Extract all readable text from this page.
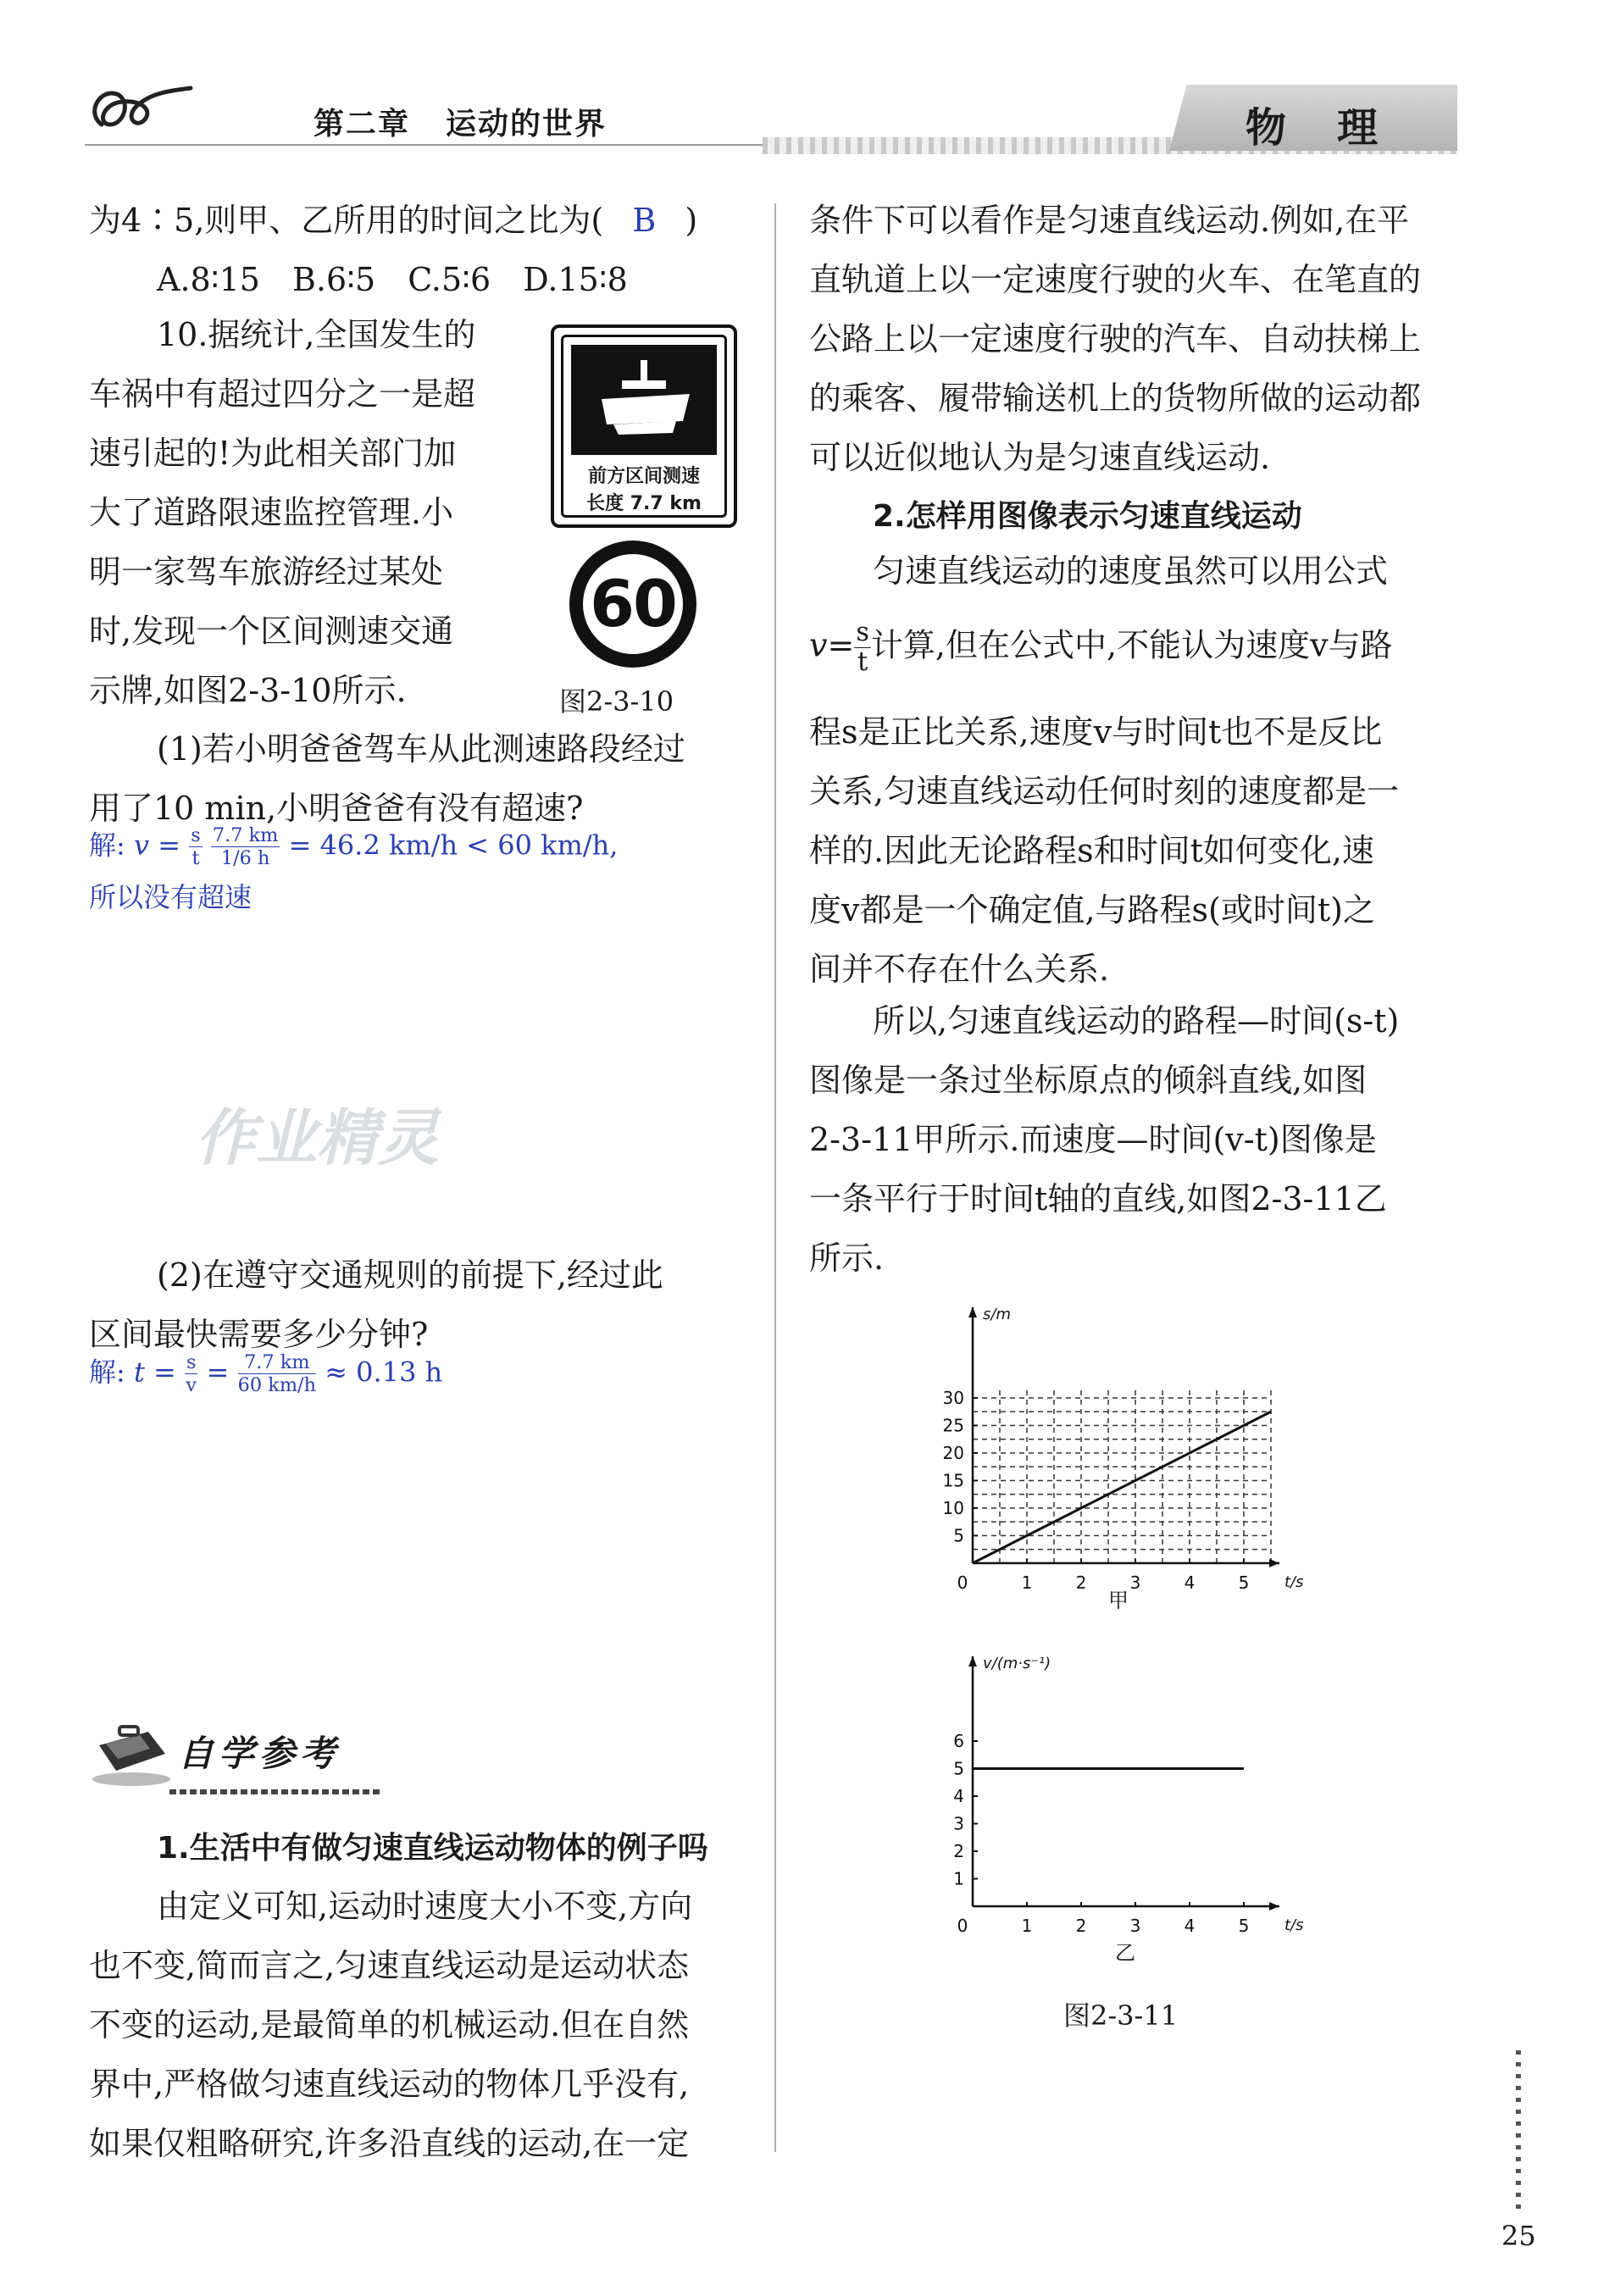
第二章 运动的世界	物理
为4∶5,则甲、乙所用的时间之比为( B )
A.8∶15　B.6∶5　C.5∶6　D.15∶8
10.据统计,全国发生的
车祸中有超过四分之一是超
速引起的!为此相关部门加
大了道路限速监控管理.小
明一家驾车旅游经过某处
时,发现一个区间测速交通
示牌,如图2-3-10所示.
前方区间测速
长度 7.7 km
60
图2-3-10
(1)若小明爸爸驾车从此测速路段经过
用了10 min,小明爸爸有没有超速?
解: $v = \frac{s}{t}$
$\frac{7.7 km}{1/6 h} = 46.2$ km/h < 60 km/h,
所以没有超速
作业精灵
(2)在遵守交通规则的前提下,经过此
区间最快需要多少分钟?
解: $t = \frac{s}{v} = \frac{7.7 km}{60 km/h} \approx 0.13$ h
自学参考
1.生活中有做匀速直线运动物体的例子吗
由定义可知,运动时速度大小不变,方向
也不变,简而言之,匀速直线运动是运动状态
不变的运动,是最简单的机械运动.但在自然
界中,严格做匀速直线运动的物体几乎没有,
如果仅粗略研究,许多沿直线的运动,在一定
条件下可以看作是匀速直线运动.例如,在平
直轨道上以一定速度行驶的火车、在笔直的
公路上以一定速度行驶的汽车、自动扶梯上
的乘客、履带输送机上的货物所做的运动都
可以近似地认为是匀速直线运动.
2.怎样用图像表示匀速直线运动
匀速直线运动的速度虽然可以用公式
$v= \frac{s}{t}$ 计算,但在公式中,不能认为速度v与路
程s是正比关系,速度v与时间t也不是反比
关系,匀速直线运动任何时刻的速度都是一
样的.因此无论路程s和时间t如何变化,速
度v都是一个确定值,与路程s(或时间t)之
间并不存在什么关系.
所以,匀速直线运动的路程—时间(s-t)
图像是一条过坐标原点的倾斜直线,如图
2-3-11甲所示.而速度—时间(v-t)图像是
一条平行于时间t轴的直线,如图2-3-11乙
所示.
0	1	2	3	4	5
5
10
15
20
25
30
t/s
s/m
甲
0	1	2	3	4	5
1
2
3
4
5
6
t/s
v/(m·s⁻¹)
乙
图2-3-11
25
